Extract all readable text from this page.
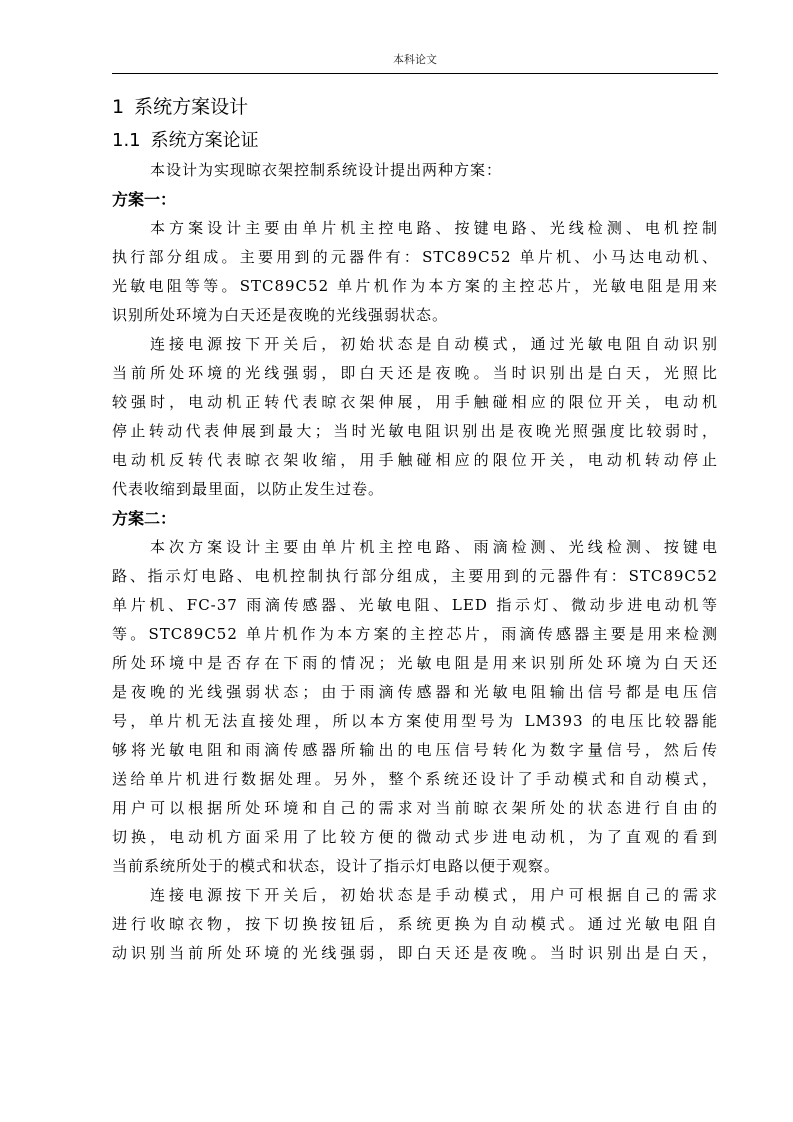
本科论文
1 系统方案设计
1.1 系统方案论证

本设计为实现晾衣架控制系统设计提出两种方案：

方案一：
本方案设计主要由单片机主控电路、按键电路、光线检测、电机控制
执行部分组成。主要用到的元器件有：STC89C52 单片机、小马达电动机、
光敏电阻等等。STC89C52 单片机作为本方案的主控芯片，光敏电阻是用来
识别所处环境为白天还是夜晚的光线强弱状态。
连接电源按下开关后，初始状态是自动模式，通过光敏电阻自动识别
当前所处环境的光线强弱，即白天还是夜晚。当时识别出是白天，光照比
较强时，电动机正转代表晾衣架伸展，用手触碰相应的限位开关，电动机
停止转动代表伸展到最大；当时光敏电阻识别出是夜晚光照强度比较弱时，
电动机反转代表晾衣架收缩，用手触碰相应的限位开关，电动机转动停止
代表收缩到最里面，以防止发生过卷。
方案二：
本次方案设计主要由单片机主控电路、雨滴检测、光线检测、按键电
路、指示灯电路、电机控制执行部分组成，主要用到的元器件有：STC89C52
单片机、FC-37 雨滴传感器、光敏电阻、LED 指示灯、微动步进电动机等
等。STC89C52 单片机作为本方案的主控芯片，雨滴传感器主要是用来检测
所处环境中是否存在下雨的情况；光敏电阻是用来识别所处环境为白天还
是夜晚的光线强弱状态；由于雨滴传感器和光敏电阻输出信号都是电压信
号，单片机无法直接处理，所以本方案使用型号为 LM393 的电压比较器能
够将光敏电阻和雨滴传感器所输出的电压信号转化为数字量信号，然后传
送给单片机进行数据处理。另外，整个系统还设计了手动模式和自动模式，
用户可以根据所处环境和自己的需求对当前晾衣架所处的状态进行自由的
切换，电动机方面采用了比较方便的微动式步进电动机，为了直观的看到
当前系统所处于的模式和状态，设计了指示灯电路以便于观察。
连接电源按下开关后，初始状态是手动模式，用户可根据自己的需求
进行收晾衣物，按下切换按钮后，系统更换为自动模式。通过光敏电阻自
动识别当前所处环境的光线强弱，即白天还是夜晚。当时识别出是白天，
